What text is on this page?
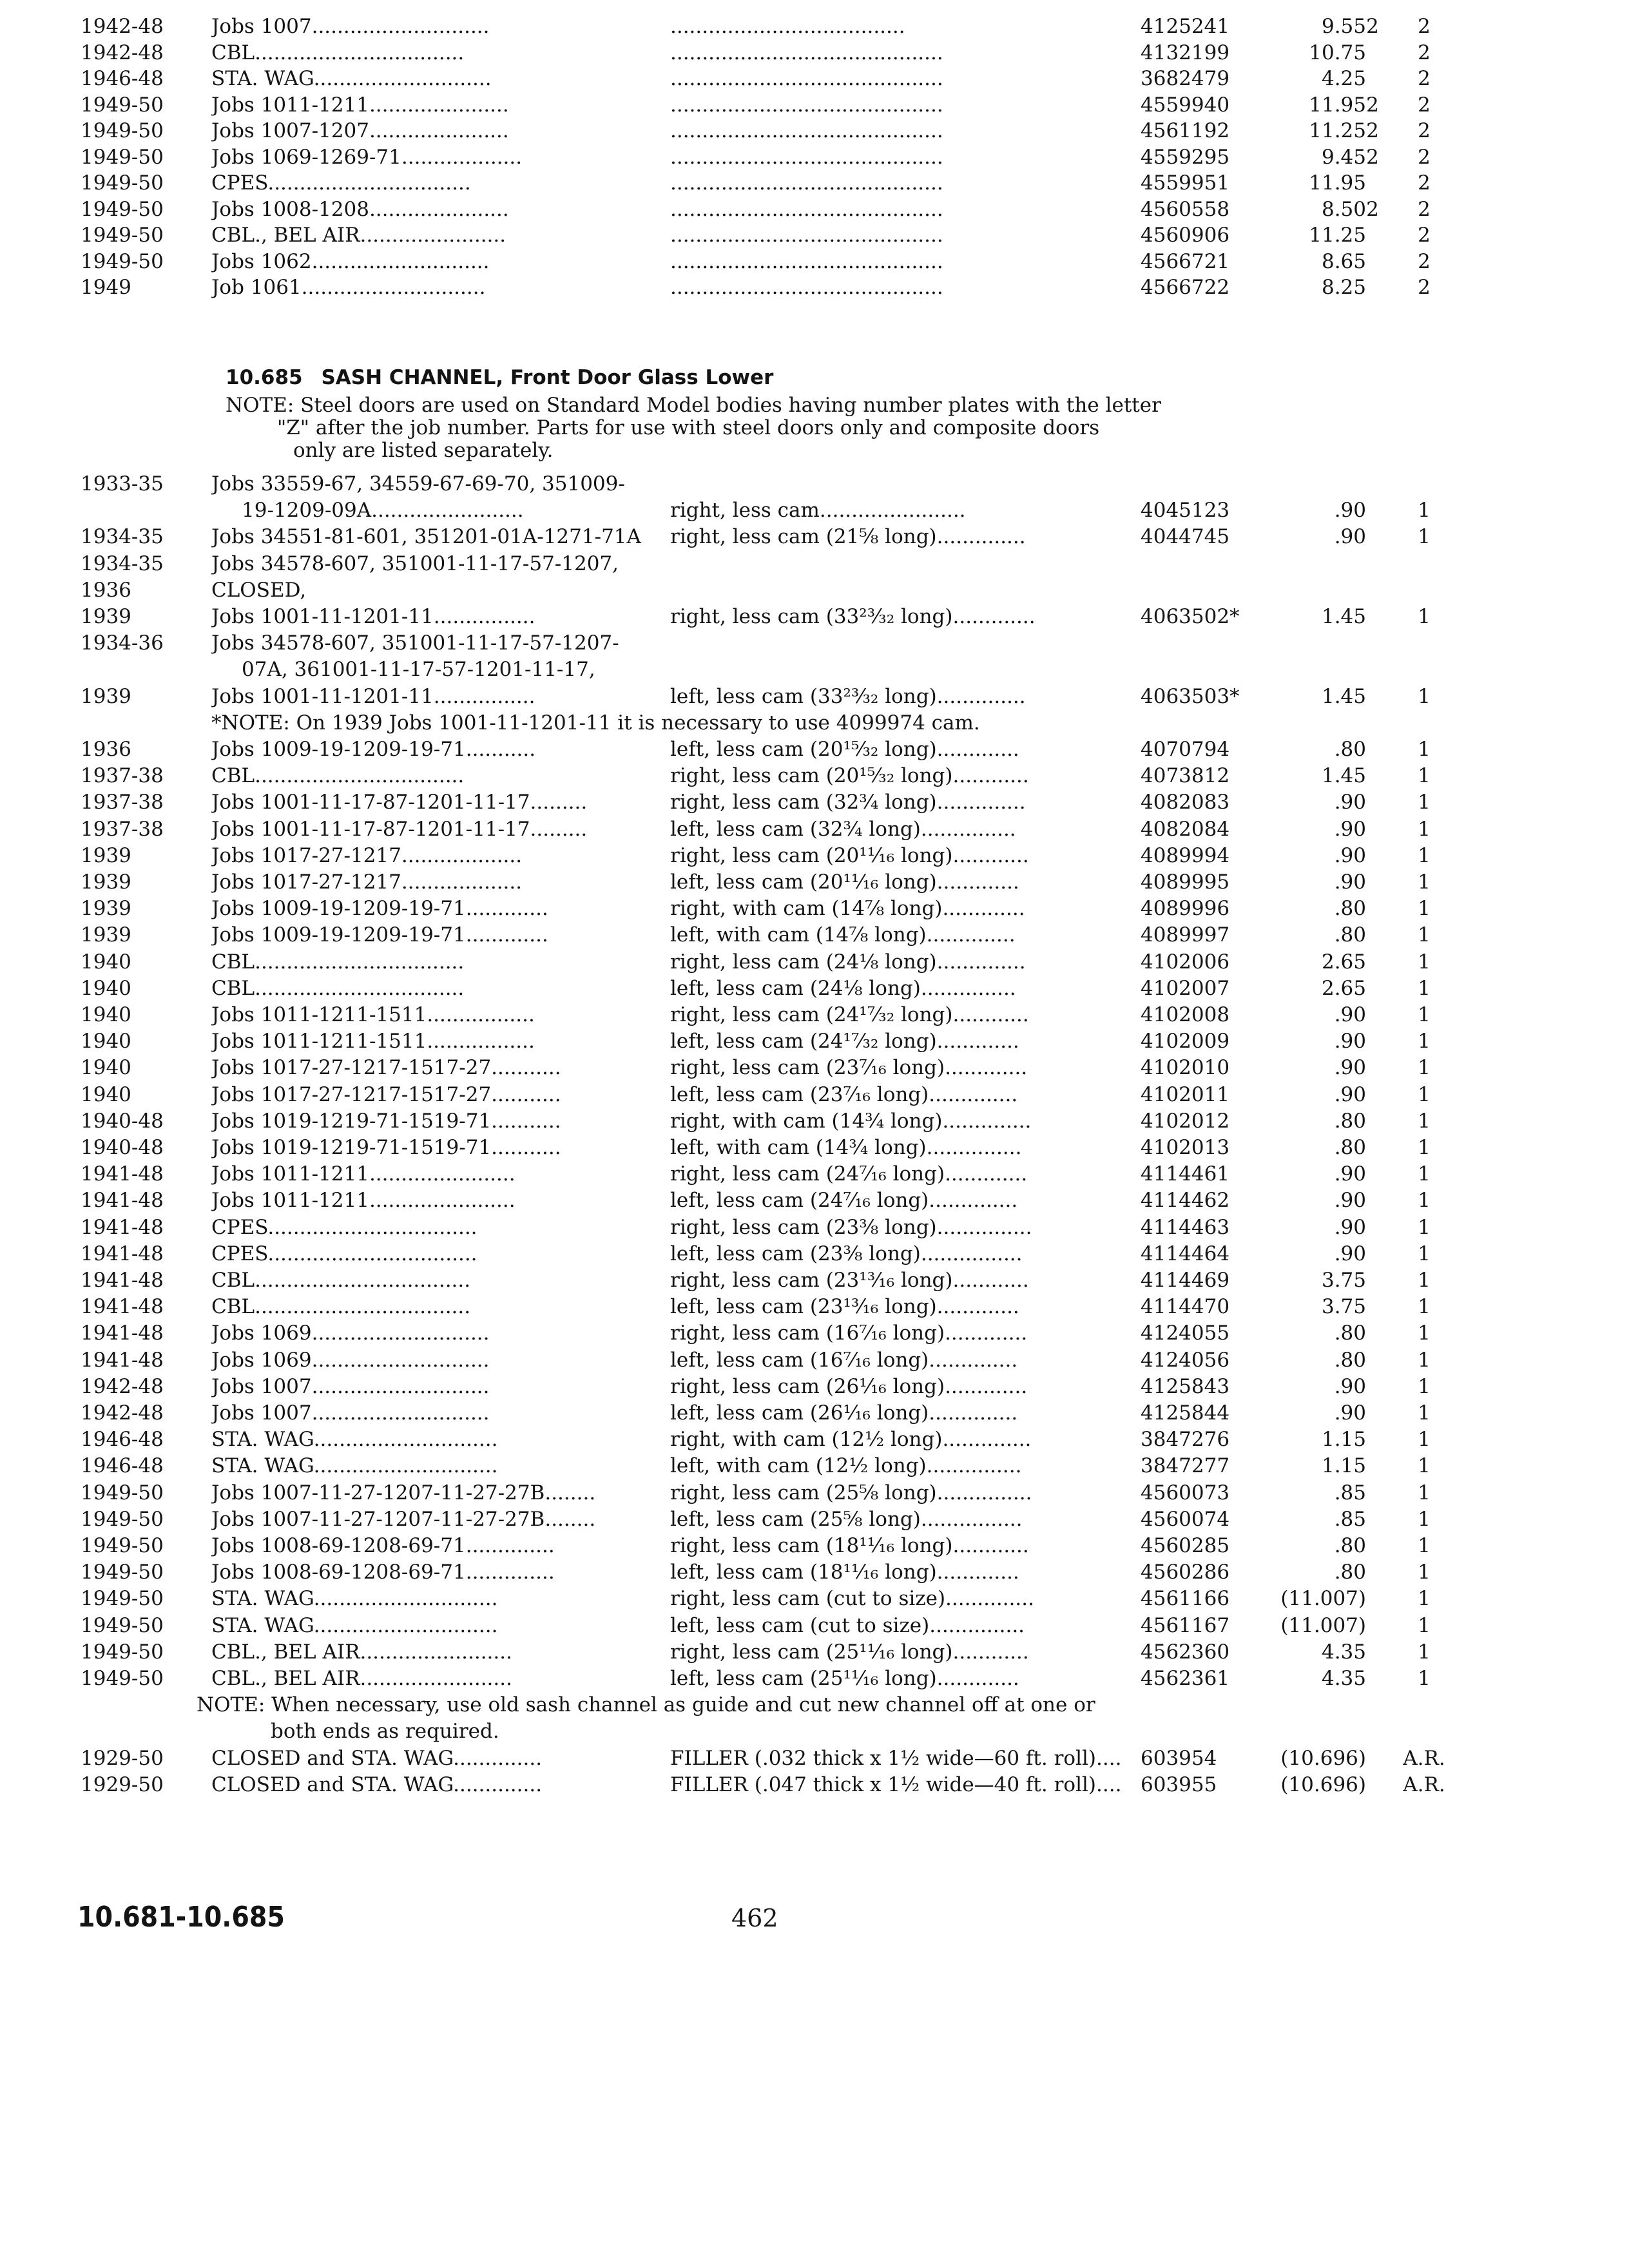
1942-48	Jobs 1007............................	.....................................	4125241	9.55 2	2
1942-48	CBL.................................	...........................................	4132199	10.75	2
1946-48	STA. WAG............................	...........................................	3682479	4.25	2
1949-50	Jobs 1011-1211......................	...........................................	4559940	11.95 2	2
1949-50	Jobs 1007-1207......................	...........................................	4561192	11.25 2	2
1949-50	Jobs 1069-1269-71...................	...........................................	4559295	9.45 2	2
1949-50	CPES................................	...........................................	4559951	11.95	2
1949-50	Jobs 1008-1208......................	...........................................	4560558	8.50 2	2
1949-50	CBL., BEL AIR.......................	...........................................	4560906	11.25	2
1949-50	Jobs 1062............................	...........................................	4566721	8.65	2
1949	Job 1061.............................	...........................................	4566722	8.25	2
10.685 SASH CHANNEL, Front Door Glass Lower
NOTE: Steel doors are used on Standard Model bodies having number plates with the letter
"Z" after the job number. Parts for use with steel doors only and composite doors
only are listed separately.
1933-35	Jobs 33559-67, 34559-67-69-70, 351009-
19-1209-09A........................	right, less cam.......................	4045123	.90	1
1934-35	Jobs 34551-81-601, 351201-01A-1271-71A	right, less cam (21⅝ long)..............	4044745	.90	1
1934-35	Jobs 34578-607, 351001-11-17-57-1207,
1936	CLOSED,
1939	Jobs 1001-11-1201-11................	right, less cam (33²³⁄₃₂ long).............	4063502*	1.45	1
1934-36	Jobs 34578-607, 351001-11-17-57-1207-
07A, 361001-11-17-57-1201-11-17,
1939	Jobs 1001-11-1201-11................	left, less cam (33²³⁄₃₂ long)..............	4063503*	1.45	1
*NOTE: On 1939 Jobs 1001-11-1201-11 it is necessary to use 4099974 cam.
1936	Jobs 1009-19-1209-19-71...........	left, less cam (20¹⁵⁄₃₂ long).............	4070794	.80	1
1937-38	CBL.................................	right, less cam (20¹⁵⁄₃₂ long)............	4073812	1.45	1
1937-38	Jobs 1001-11-17-87-1201-11-17.........	right, less cam (32¾ long)..............	4082083	.90	1
1937-38	Jobs 1001-11-17-87-1201-11-17.........	left, less cam (32¾ long)...............	4082084	.90	1
1939	Jobs 1017-27-1217...................	right, less cam (20¹¹⁄₁₆ long)............	4089994	.90	1
1939	Jobs 1017-27-1217...................	left, less cam (20¹¹⁄₁₆ long).............	4089995	.90	1
1939	Jobs 1009-19-1209-19-71.............	right, with cam (14⅞ long).............	4089996	.80	1
1939	Jobs 1009-19-1209-19-71.............	left, with cam (14⅞ long)..............	4089997	.80	1
1940	CBL.................................	right, less cam (24⅛ long)..............	4102006	2.65	1
1940	CBL.................................	left, less cam (24⅛ long)...............	4102007	2.65	1
1940	Jobs 1011-1211-1511.................	right, less cam (24¹⁷⁄₃₂ long)............	4102008	.90	1
1940	Jobs 1011-1211-1511.................	left, less cam (24¹⁷⁄₃₂ long).............	4102009	.90	1
1940	Jobs 1017-27-1217-1517-27...........	right, less cam (23⁷⁄₁₆ long).............	4102010	.90	1
1940	Jobs 1017-27-1217-1517-27...........	left, less cam (23⁷⁄₁₆ long)..............	4102011	.90	1
1940-48	Jobs 1019-1219-71-1519-71...........	right, with cam (14¾ long)..............	4102012	.80	1
1940-48	Jobs 1019-1219-71-1519-71...........	left, with cam (14¾ long)...............	4102013	.80	1
1941-48	Jobs 1011-1211.......................	right, less cam (24⁷⁄₁₆ long).............	4114461	.90	1
1941-48	Jobs 1011-1211.......................	left, less cam (24⁷⁄₁₆ long)..............	4114462	.90	1
1941-48	CPES.................................	right, less cam (23⅜ long)...............	4114463	.90	1
1941-48	CPES.................................	left, less cam (23⅜ long)................	4114464	.90	1
1941-48	CBL..................................	right, less cam (23¹³⁄₁₆ long)............	4114469	3.75	1
1941-48	CBL..................................	left, less cam (23¹³⁄₁₆ long).............	4114470	3.75	1
1941-48	Jobs 1069............................	right, less cam (16⁷⁄₁₆ long).............	4124055	.80	1
1941-48	Jobs 1069............................	left, less cam (16⁷⁄₁₆ long)..............	4124056	.80	1
1942-48	Jobs 1007............................	right, less cam (26¹⁄₁₆ long).............	4125843	.90	1
1942-48	Jobs 1007............................	left, less cam (26¹⁄₁₆ long)..............	4125844	.90	1
1946-48	STA. WAG.............................	right, with cam (12½ long)..............	3847276	1.15	1
1946-48	STA. WAG.............................	left, with cam (12½ long)...............	3847277	1.15	1
1949-50	Jobs 1007-11-27-1207-11-27-27B........	right, less cam (25⅝ long)...............	4560073	.85	1
1949-50	Jobs 1007-11-27-1207-11-27-27B........	left, less cam (25⅝ long)................	4560074	.85	1
1949-50	Jobs 1008-69-1208-69-71..............	right, less cam (18¹¹⁄₁₆ long)............	4560285	.80	1
1949-50	Jobs 1008-69-1208-69-71..............	left, less cam (18¹¹⁄₁₆ long).............	4560286	.80	1
1949-50	STA. WAG.............................	right, less cam (cut to size)..............	4561166	(11.007)	1
1949-50	STA. WAG.............................	left, less cam (cut to size)...............	4561167	(11.007)	1
1949-50	CBL., BEL AIR........................	right, less cam (25¹¹⁄₁₆ long)............	4562360	4.35	1
1949-50	CBL., BEL AIR........................	left, less cam (25¹¹⁄₁₆ long).............	4562361	4.35	1
NOTE: When necessary, use old sash channel as guide and cut new channel off at one or
both ends as required.
1929-50	CLOSED and STA. WAG..............	FILLER (.032 thick x 1½ wide—60 ft. roll).... 603954	(10.696)	A.R.
1929-50	CLOSED and STA. WAG..............	FILLER (.047 thick x 1½ wide—40 ft. roll).... 603955	(10.696)	A.R.
10.681-10.685	462
